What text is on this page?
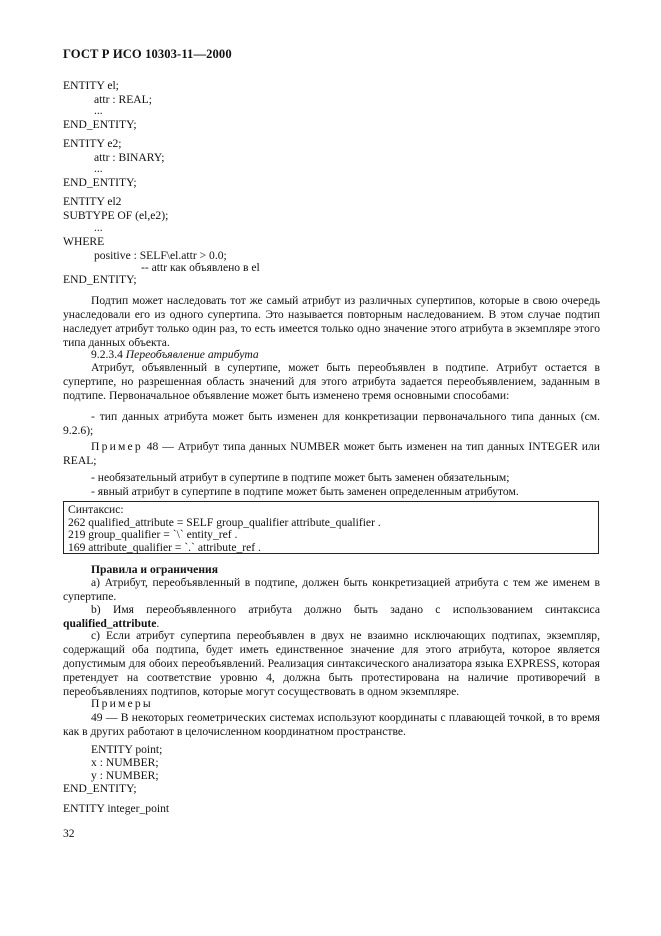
ГОСТ Р ИСО 10303-11—2000
ENTITY el;
attr : REAL;
...
END_ENTITY;
ENTITY e2;
attr : BINARY;
...
END_ENTITY;
ENTITY el2
SUBTYPE OF (el,e2);
...
WHERE
positive : SELF\el.attr > 0.0;
-- attr как объявлено в el
END_ENTITY;
Подтип может наследовать тот же самый атрибут из различных супертипов, которые в свою очередь унаследовали его из одного супертипа. Это называется повторным наследованием. В этом случае подтип наследует атрибут только один раз, то есть имеется только одно значение этого атрибута в экземпляре этого типа данных объекта.
9.2.3.4 Переобъявление атрибута
Атрибут, объявленный в супертипе, может быть переобъявлен в подтипе. Атрибут остается в супертипе, но разрешенная область значений для этого атрибута задается переобъявлением, заданным в подтипе. Первоначальное объявление может быть изменено тремя основными способами:
- тип данных атрибута может быть изменен для конкретизации первоначального типа данных (см. 9.2.6);
Пример 48 — Атрибут типа данных NUMBER может быть изменен на тип данных INTEGER или REAL;
- необязательный атрибут в супертипе в подтипе может быть заменен обязательным;
- явный атрибут в супертипе в подтипе может быть заменен определенным атрибутом.
Синтаксис:
262 qualified_attribute = SELF group_qualifier attribute_qualifier .
219 group_qualifier = `\` entity_ref .
169 attribute_qualifier = `.` attribute_ref .
Правила и ограничения
a) Атрибут, переобъявленный в подтипе, должен быть конкретизацией атрибута с тем же именем в супертипе.
b) Имя переобъявленного атрибута должно быть задано с использованием синтаксиса qualified_attribute.
c) Если атрибут супертипа переобъявлен в двух не взаимно исключающих подтипах, экземпляр, содержащий оба подтипа, будет иметь единственное значение для этого атрибута, которое является допустимым для обоих переобъявлений. Реализация синтаксического анализатора языка EXPRESS, которая претендует на соответствие уровню 4, должна быть протестирована на наличие противоречий в переобъявлениях подтипов, которые могут сосуществовать в одном экземпляре.
Примеры
49 — В некоторых геометрических системах используют координаты с плавающей точкой, в то время как в других работают в целочисленном координатном пространстве.
ENTITY point;
x : NUMBER;
y : NUMBER;
END_ENTITY;
ENTITY integer_point
32
